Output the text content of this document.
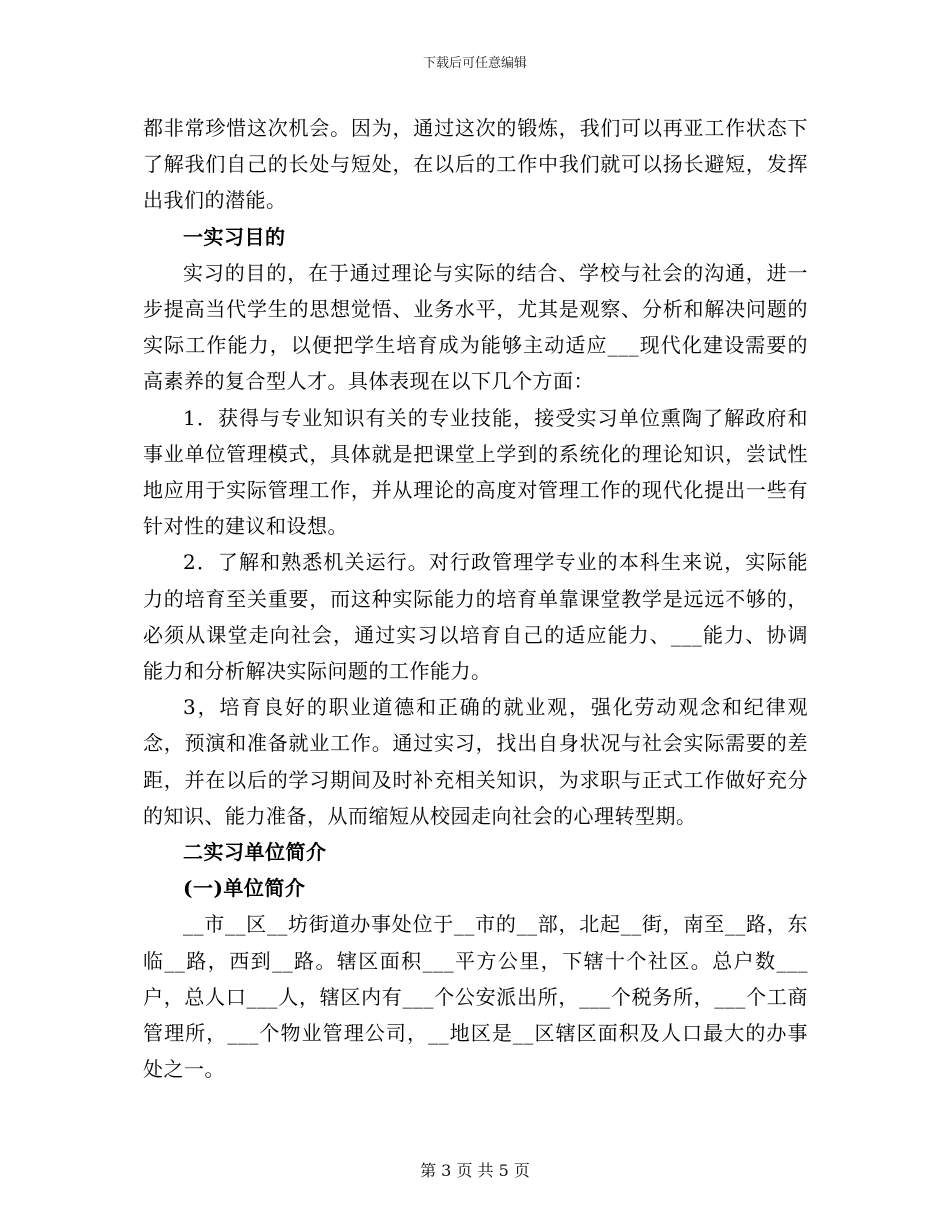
下载后可任意编辑

都非常珍惜这次机会。因为，通过这次的锻炼，我们可以再亚工作状态下了解我们自己的长处与短处，在以后的工作中我们就可以扬长避短，发挥出我们的潜能。

一实习目的

实习的目的，在于通过理论与实际的结合、学校与社会的沟通，进一步提高当代学生的思想觉悟、业务水平，尤其是观察、分析和解决问题的实际工作能力，以便把学生培育成为能够主动适应___现代化建设需要的高素养的复合型人才。具体表现在以下几个方面：

1．获得与专业知识有关的专业技能，接受实习单位熏陶了解政府和事业单位管理模式，具体就是把课堂上学到的系统化的理论知识，尝试性地应用于实际管理工作，并从理论的高度对管理工作的现代化提出一些有针对性的建议和设想。

2．了解和熟悉机关运行。对行政管理学专业的本科生来说，实际能力的培育至关重要，而这种实际能力的培育单靠课堂教学是远远不够的，必须从课堂走向社会，通过实习以培育自己的适应能力、___能力、协调能力和分析解决实际问题的工作能力。

3，培育良好的职业道德和正确的就业观，强化劳动观念和纪律观念，预演和准备就业工作。通过实习，找出自身状况与社会实际需要的差距，并在以后的学习期间及时补充相关知识，为求职与正式工作做好充分的知识、能力准备，从而缩短从校园走向社会的心理转型期。

二实习单位简介

(一)单位简介

__市__区__坊街道办事处位于__市的__部，北起__街，南至__路，东临__路，西到__路。辖区面积___平方公里，下辖十个社区。总户数___户，总人口___人，辖区内有___个公安派出所，___个税务所，___个工商管理所，___个物业管理公司，__地区是__区辖区面积及人口最大的办事处之一。

第 3 页 共 5 页
